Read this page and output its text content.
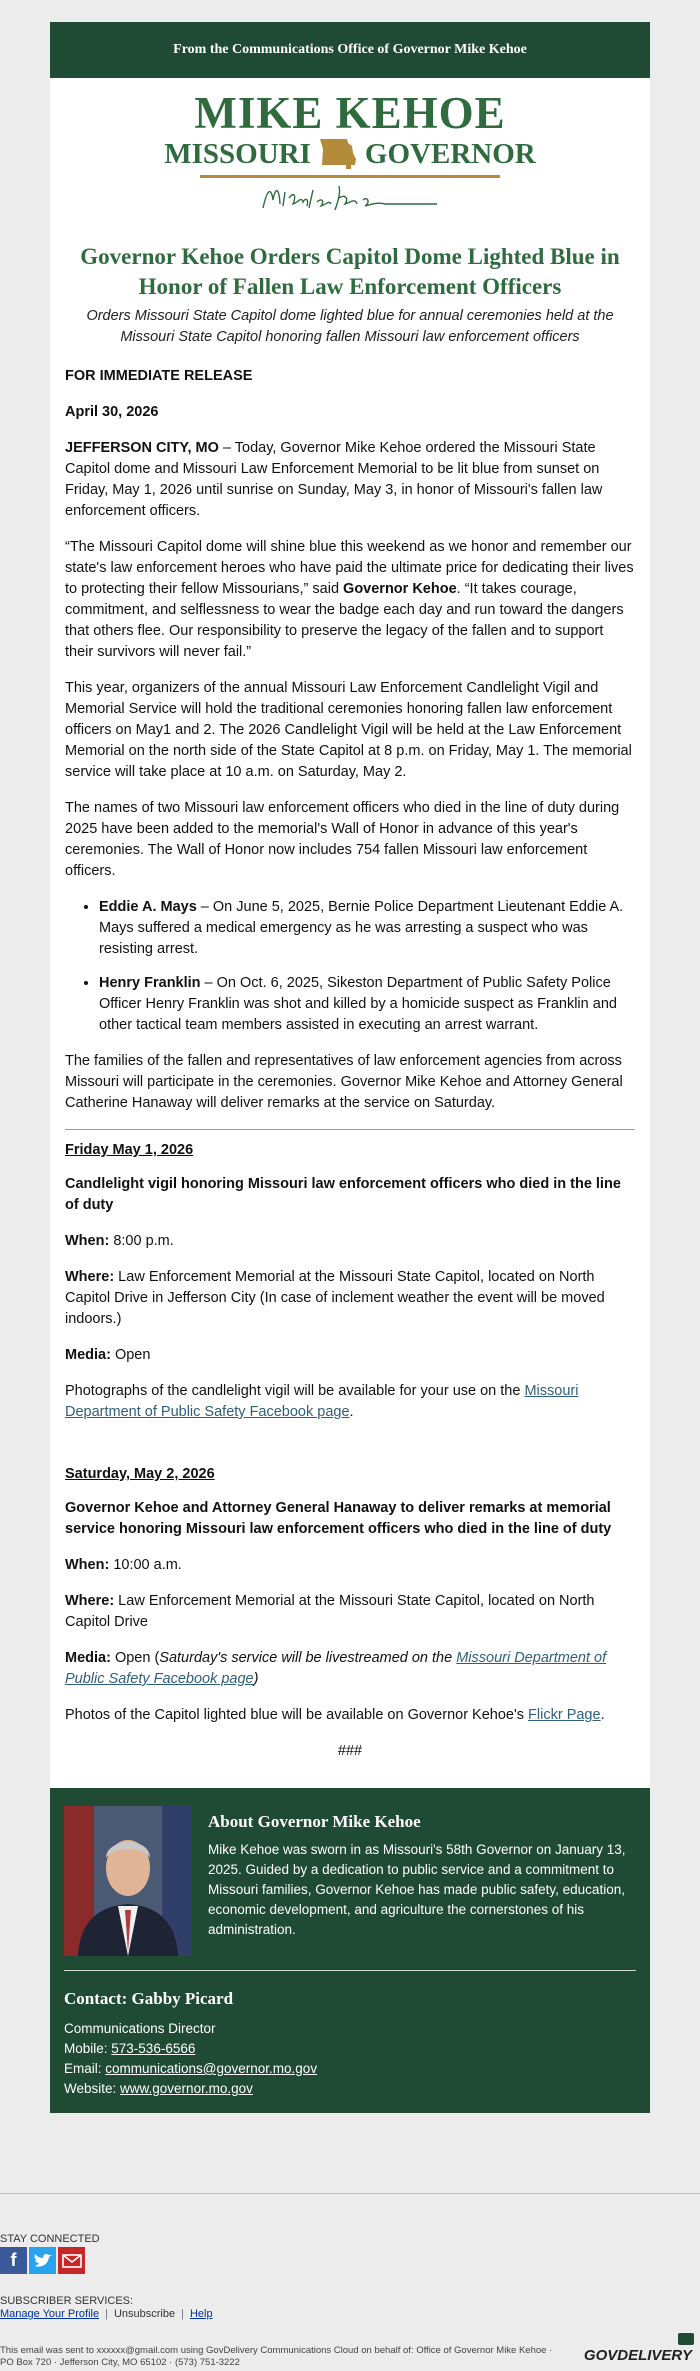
From the Communications Office of Governor Mike Kehoe
MIKE KEHOE
MISSOURI GOVERNOR
Governor Kehoe Orders Capitol Dome Lighted Blue in Honor of Fallen Law Enforcement Officers
Orders Missouri State Capitol dome lighted blue for annual ceremonies held at the Missouri State Capitol honoring fallen Missouri law enforcement officers

FOR IMMEDIATE RELEASE

April 30, 2026

JEFFERSON CITY, MO – Today, Governor Mike Kehoe ordered the Missouri State Capitol dome and Missouri Law Enforcement Memorial to be lit blue from sunset on Friday, May 1, 2026 until sunrise on Sunday, May 3, in honor of Missouri's fallen law enforcement officers.

“The Missouri Capitol dome will shine blue this weekend as we honor and remember our state's law enforcement heroes who have paid the ultimate price for dedicating their lives to protecting their fellow Missourians,” said Governor Kehoe. “It takes courage, commitment, and selflessness to wear the badge each day and run toward the dangers that others flee. Our responsibility to preserve the legacy of the fallen and to support their survivors will never fail.”

This year, organizers of the annual Missouri Law Enforcement Candlelight Vigil and Memorial Service will hold the traditional ceremonies honoring fallen law enforcement officers on May1 and 2. The 2026 Candlelight Vigil will be held at the Law Enforcement Memorial on the north side of the State Capitol at 8 p.m. on Friday, May 1. The memorial service will take place at 10 a.m. on Saturday, May 2.

The names of two Missouri law enforcement officers who died in the line of duty during 2025 have been added to the memorial's Wall of Honor in advance of this year's ceremonies. The Wall of Honor now includes 754 fallen Missouri law enforcement officers.

• Eddie A. Mays – On June 5, 2025, Bernie Police Department Lieutenant Eddie A. Mays suffered a medical emergency as he was arresting a suspect who was resisting arrest.
• Henry Franklin – On Oct. 6, 2025, Sikeston Department of Public Safety Police Officer Henry Franklin was shot and killed by a homicide suspect as Franklin and other tactical team members assisted in executing an arrest warrant.

The families of the fallen and representatives of law enforcement agencies from across Missouri will participate in the ceremonies. Governor Mike Kehoe and Attorney General Catherine Hanaway will deliver remarks at the service on Saturday.

Friday May 1, 2026
Candlelight vigil honoring Missouri law enforcement officers who died in the line of duty

When: 8:00 p.m.

Where: Law Enforcement Memorial at the Missouri State Capitol, located on North Capitol Drive in Jefferson City (In case of inclement weather the event will be moved indoors.)

Media: Open

Photographs of the candlelight vigil will be available for your use on the Missouri Department of Public Safety Facebook page.

Saturday, May 2, 2026
Governor Kehoe and Attorney General Hanaway to deliver remarks at memorial service honoring Missouri law enforcement officers who died in the line of duty

When: 10:00 a.m.

Where: Law Enforcement Memorial at the Missouri State Capitol, located on North Capitol Drive

Media: Open (Saturday's service will be livestreamed on the Missouri Department of Public Safety Facebook page)

Photos of the Capitol lighted blue will be available on Governor Kehoe's Flickr Page.

###
About Governor Mike Kehoe
Mike Kehoe was sworn in as Missouri's 58th Governor on January 13, 2025. Guided by a dedication to public service and a commitment to Missouri families, Governor Kehoe has made public safety, education, economic development, and agriculture the cornerstones of his administration.
Contact: Gabby Picard
Communications Director
Mobile: 573-536-6566
Email: communications@governor.mo.gov
Website: www.governor.mo.gov
STAY CONNECTED
f
SUBSCRIBER SERVICES:
Manage Your Profile | Unsubscribe | Help
This email was sent to xxxxxx@gmail.com using GovDelivery Communications Cloud on behalf of: Office of Governor Mike Kehoe ·
PO Box 720 · Jefferson City, MO 65102 · (573) 751-3222	GOVDELIVERY
